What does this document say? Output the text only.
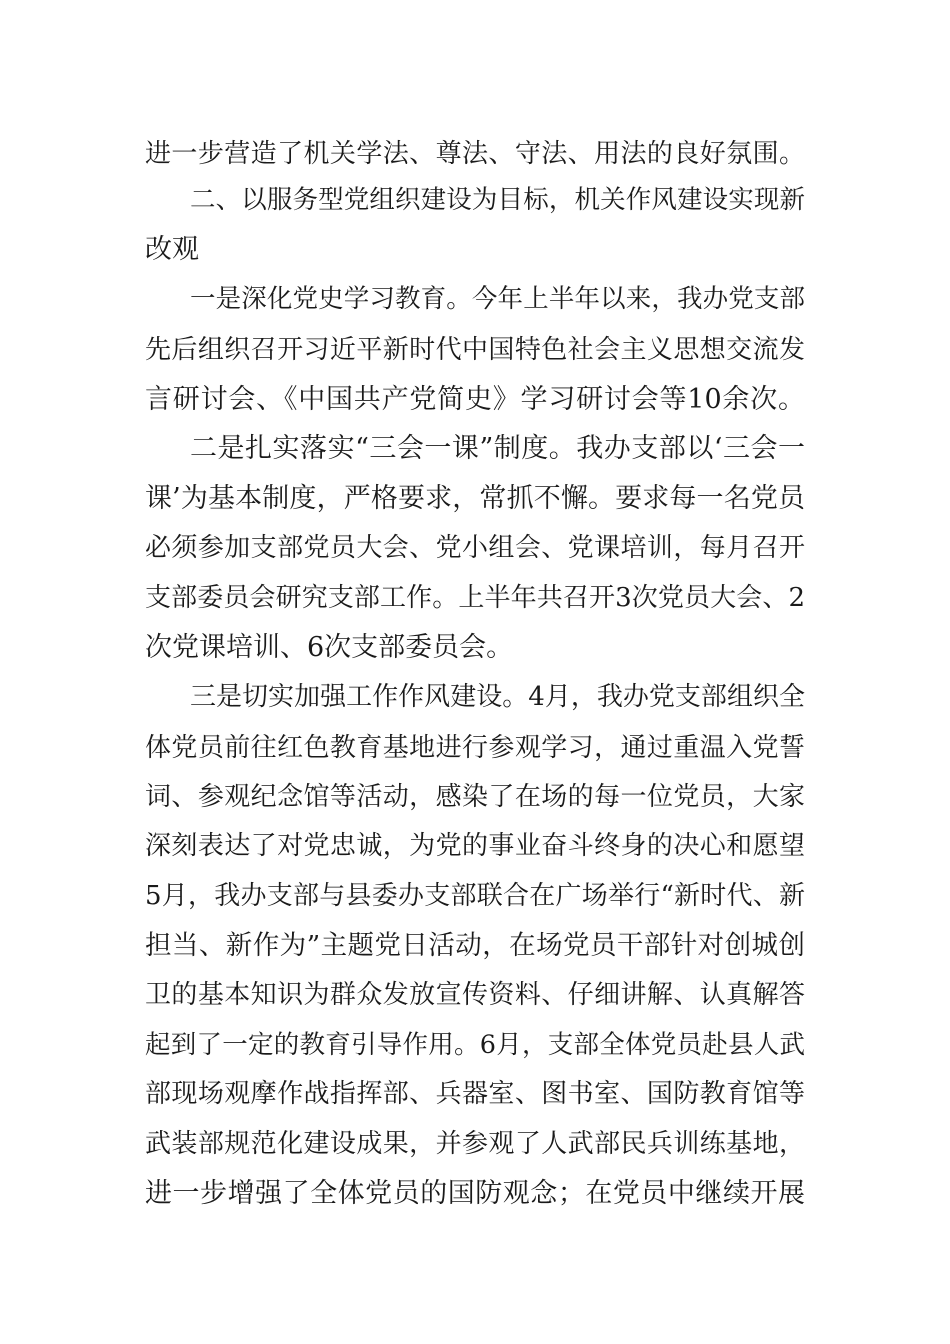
进一步营造了机关学法、尊法、守法、用法的良好氛围。
二、以服务型党组织建设为目标，机关作风建设实现新
改观
一是深化党史学习教育。今年上半年以来，我办党支部
先后组织召开习近平新时代中国特色社会主义思想交流发
言研讨会、《中国共产党简史》学习研讨会等10余次。
二是扎实落实“三会一课”制度。我办支部以‘三会一
课’为基本制度，严格要求，常抓不懈。要求每一名党员
必须参加支部党员大会、党小组会、党课培训，每月召开
支部委员会研究支部工作。上半年共召开3次党员大会、2
次党课培训、6次支部委员会。
三是切实加强工作作风建设。4月，我办党支部组织全
体党员前往红色教育基地进行参观学习，通过重温入党誓
词、参观纪念馆等活动，感染了在场的每一位党员，大家
深刻表达了对党忠诚，为党的事业奋斗终身的决心和愿望
5月，我办支部与县委办支部联合在广场举行“新时代、新
担当、新作为”主题党日活动，在场党员干部针对创城创
卫的基本知识为群众发放宣传资料、仔细讲解、认真解答
起到了一定的教育引导作用。6月，支部全体党员赴县人武
部现场观摩作战指挥部、兵器室、图书室、国防教育馆等
武装部规范化建设成果，并参观了人武部民兵训练基地，
进一步增强了全体党员的国防观念；在党员中继续开展
